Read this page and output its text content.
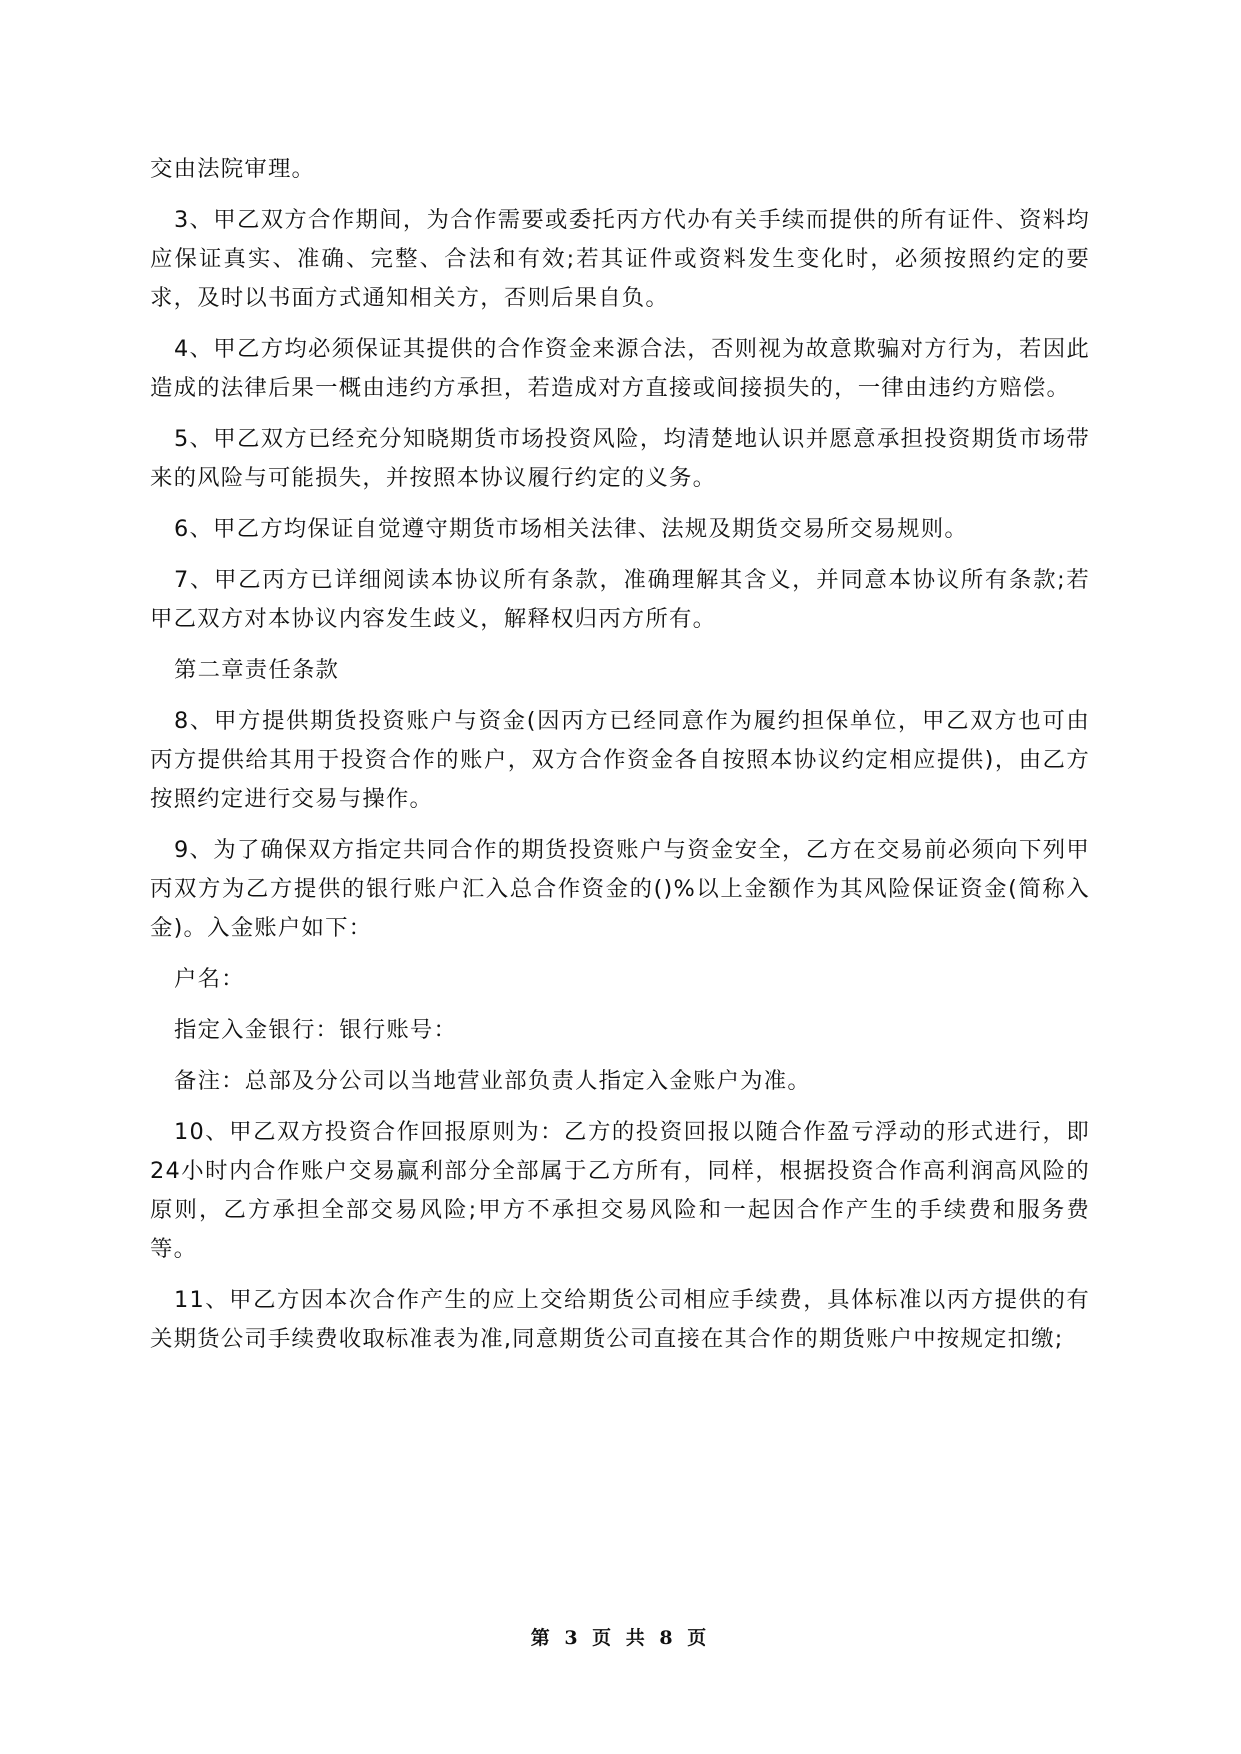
交由法院审理。

3、甲乙双方合作期间，为合作需要或委托丙方代办有关手续而提供的所有证件、资料均应保证真实、准确、完整、合法和有效;若其证件或资料发生变化时，必须按照约定的要求，及时以书面方式通知相关方，否则后果自负。

4、甲乙方均必须保证其提供的合作资金来源合法，否则视为故意欺骗对方行为，若因此造成的法律后果一概由违约方承担，若造成对方直接或间接损失的，一律由违约方赔偿。

5、甲乙双方已经充分知晓期货市场投资风险，均清楚地认识并愿意承担投资期货市场带来的风险与可能损失，并按照本协议履行约定的义务。

6、甲乙方均保证自觉遵守期货市场相关法律、法规及期货交易所交易规则。

7、甲乙丙方已详细阅读本协议所有条款，准确理解其含义，并同意本协议所有条款;若甲乙双方对本协议内容发生歧义，解释权归丙方所有。

第二章责任条款

8、甲方提供期货投资账户与资金(因丙方已经同意作为履约担保单位，甲乙双方也可由丙方提供给其用于投资合作的账户，双方合作资金各自按照本协议约定相应提供)，由乙方按照约定进行交易与操作。

9、为了确保双方指定共同合作的期货投资账户与资金安全，乙方在交易前必须向下列甲丙双方为乙方提供的银行账户汇入总合作资金的()%以上金额作为其风险保证资金(简称入金)。入金账户如下：

户名：

指定入金银行：银行账号：

备注：总部及分公司以当地营业部负责人指定入金账户为准。

10、甲乙双方投资合作回报原则为：乙方的投资回报以随合作盈亏浮动的形式进行，即24小时内合作账户交易赢利部分全部属于乙方所有，同样，根据投资合作高利润高风险的原则，乙方承担全部交易风险;甲方不承担交易风险和一起因合作产生的手续费和服务费等。

11、甲乙方因本次合作产生的应上交给期货公司相应手续费，具体标准以丙方提供的有关期货公司手续费收取标准表为准,同意期货公司直接在其合作的期货账户中按规定扣缴;

第 3 页 共 8 页
